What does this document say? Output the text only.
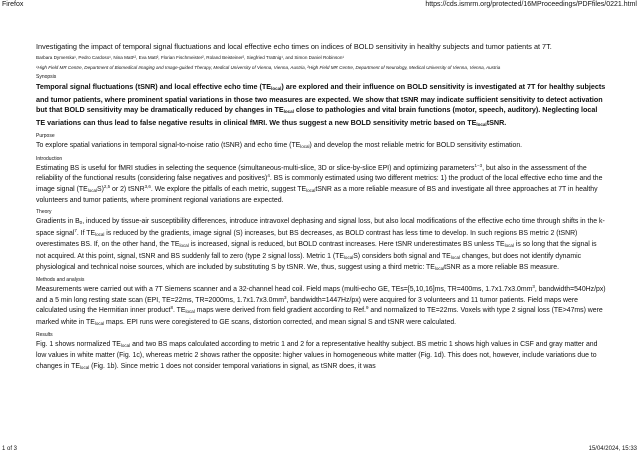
Firefox	https://cds.ismrm.org/protected/16MProceedings/PDFfiles/0221.html
Investigating the impact of temporal signal fluctuations and local effective echo times on indices of BOLD sensitivity in healthy subjects and tumor patients at 7T.
Barbara Dymerska¹, Pedro Cardoso¹, Nina Matt¹², Eva Matt², Florian Fischmeister², Roland Beisteiner², Siegfried Trattnig¹, and Simon Daniel Robinson¹
¹High Field MR Centre, Department of Biomedical Imaging and Image-guided Therapy, Medical University of Vienna, Vienna, Austria, ²High Field MR Centre, Department of Neurology, Medical University of Vienna, Vienna, Austria
Synopsis
Temporal signal fluctuations (tSNR) and local effective echo time $(TE_{local})$ are explored and their influence on BOLD sensitivity is investigated at 7T for healthy subjects and tumor patients, where prominent spatial variations in those two measures are expected. We show that tSNR may indicate sufficient sensitivity to detect activation but that BOLD sensitivity may be dramatically reduced by changes in $TE_{local}$ close to pathologies and vital brain functions (motor, speech, auditory). Neglecting local TE variations can thus lead to false negative results in clinical fMRI. We thus suggest a new BOLD sensitivity metric based on $TE_{local}tSNR$.
Purpose
To explore spatial variations in temporal signal-to-noise ratio (tSNR) and echo time $(TE_{local})$ and develop the most reliable metric for BOLD sensitivity estimation.
Introduction
Estimating BS is useful for fMRI studies in selecting the sequence (simultaneous-multi-slice, 3D or slice-by-slice EPI) and optimizing parameters$^{1-3}$, but also in the assessment of the reliability of the functional results (considering false negatives and positives)$^4$. BS is commonly estimated using two different metrics: 1) the product of the local effective echo time and the image signal $(TE_{local}S)^{2,5}$ or 2) tSNR$^{3,6}$. We explore the pitfalls of each metric, suggest $TE_{local}tSNR$ as a more reliable measure of BS and investigate all three approaches at 7T in healthy volunteers and tumor patients, where prominent regional variations are expected.
Theory
Gradients in $B_0$, induced by tissue-air susceptibility differences, introduce intravoxel dephasing and signal loss, but also local modifications of the effective echo time through shifts in the k-space signal$^7$. If $TE_{local}$ is reduced by the gradients, image signal (S) increases, but BS decreases, as BOLD contrast has less time to develop. In such regions BS metric 2 (tSNR) overestimates BS. If, on the other hand, the $TE_{local}$ is increased, signal is reduced, but BOLD contrast increases. Here tSNR underestimates BS unless $TE_{local}$ is so long that the signal is not acquired. At this point, signal, tSNR and BS suddenly fall to zero (type 2 signal loss). Metric 1 $(TE_{local}S)$ considers both signal and $TE_{local}$ changes, but does not identify dynamic physiological and technical noise sources, which are included by substituting S by tSNR. We, thus, suggest using a third metric: $TE_{local}tSNR$ as a more reliable BS measure.
Methods and analysis
Measurements were carried out with a 7T Siemens scanner and a 32-channel head coil. Field maps (multi-echo GE, TEs=[5,10,16]ms, TR=400ms, $1.7x1.7x3.0mm^3$, bandwidth=540Hz/px) and a 5 min long resting state scan (EPI, TE=22ms, TR=2000ms, $1.7x1.7x3.0mm^3$, bandwidth=1447Hz/px) were acquired for 3 volunteers and 11 tumor patients. Field maps were calculated using the Hermitian inner product$^8$. $TE_{local}$ maps were derived from field gradient according to Ref.$^9$ and normalized to TE=22ms. Voxels with type 2 signal loss (TE>47ms) were marked white in $TE_{local}$ maps. EPI runs were coregistered to GE scans, distortion corrected, and mean signal S and tSNR were calculated.
Results
Fig. 1 shows normalized $TE_{local}$ and two BS maps calculated according to metric 1 and 2 for a representative healthy subject. BS metric 1 shows high values in CSF and gray matter and low values in white matter (Fig. 1c), whereas metric 2 shows rather the opposite: higher values in homogeneous white matter (Fig. 1d). This does not, however, include variations due to changes in $TE_{local}$ (Fig. 1b). Since metric 1 does not consider temporal variations in signal, as tSNR does, it was
1 of 3	15/04/2024, 15:33
